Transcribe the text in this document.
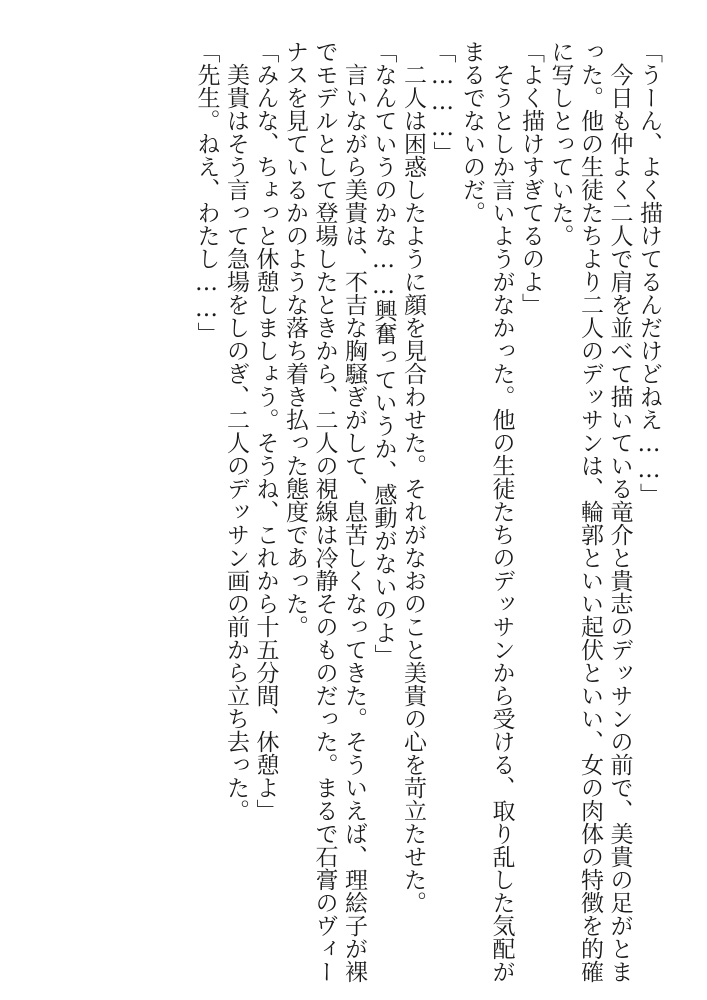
「うーん、よく描けてるんだけどねえ……」
今日も仲よく二人で肩を並べて描いている竜介と貴志のデッサンの前で、美貴の足がとま
った。他の生徒たちより二人のデッサンは、輪郭といい起伏といい、女の肉体の特徴を的確
に写しとっていた。
「よく描けすぎてるのよ」
そうとしか言いようがなかった。他の生徒たちのデッサンから受ける、取り乱した気配が
まるでないのだ。
「………」
二人は困惑したように顔を見合わせた。それがなおのこと美貴の心を苛立たせた。
「なんていうのかな……興奮っていうか、感動がないのよ」
言いながら美貴は、不吉な胸騒ぎがして、息苦しくなってきた。そういえば、理絵子が裸
でモデルとして登場したときから、二人の視線は冷静そのものだった。まるで石膏のヴィー
ナスを見ているかのような落ち着き払った態度であった。
「みんな、ちょっと休憩しましょう。そうね、これから十五分間、休憩よ」
美貴はそう言って急場をしのぎ、二人のデッサン画の前から立ち去った。
「先生。ねえ、わたし……」
